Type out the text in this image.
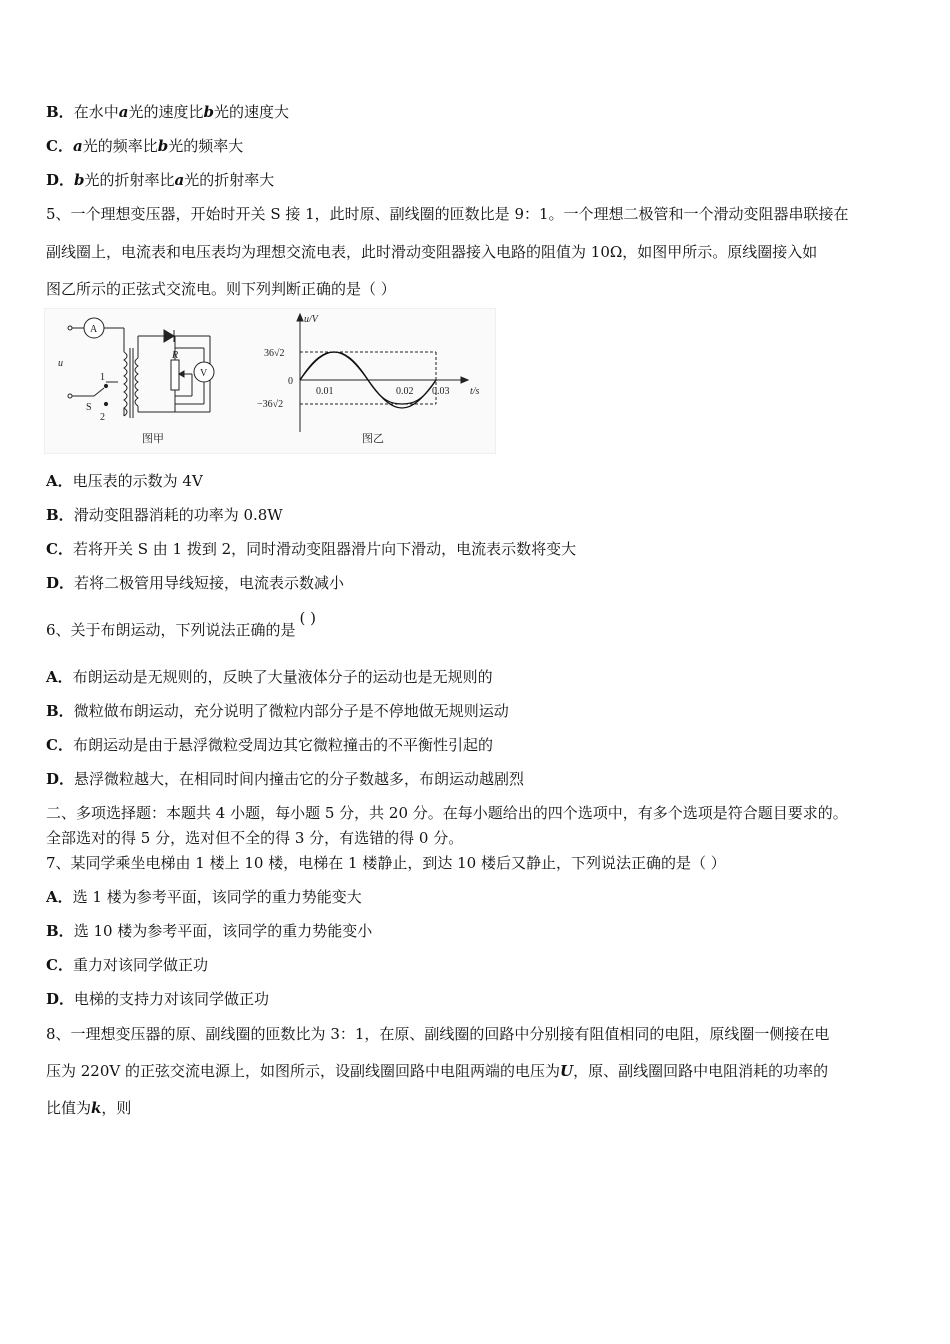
B．在水中a光的速度比b光的速度大
C．a光的频率比b光的频率大
D．b光的折射率比a光的折射率大
5、一个理想变压器，开始时开关 S 接 1，此时原、副线圈的匝数比是 9：1。一个理想二极管和一个滑动变阻器串联接在
副线圈上，电流表和电压表均为理想交流电表，此时滑动变阻器接入电路的阻值为 10Ω，如图甲所示。原线圈接入如
图乙所示的正弦式交流电。则下列判断正确的是（ ）
A
1
S
2
u
R
V
图甲
u/V
t/s
0
36√2
−36√2
0.01	0.02 0.03
图乙
A．电压表的示数为 4V
B．滑动变阻器消耗的功率为 0.8W
C．若将开关 S 由 1 拨到 2，同时滑动变阻器滑片向下滑动，电流表示数将变大
D．若将二极管用导线短接，电流表示数减小
6、关于布朗运动，下列说法正确的是( )
A．布朗运动是无规则的，反映了大量液体分子的运动也是无规则的
B．微粒做布朗运动，充分说明了微粒内部分子是不停地做无规则运动
C．布朗运动是由于悬浮微粒受周边其它微粒撞击的不平衡性引起的
D．悬浮微粒越大，在相同时间内撞击它的分子数越多，布朗运动越剧烈
二、多项选择题：本题共 4 小题，每小题 5 分，共 20 分。在每小题给出的四个选项中，有多个选项是符合题目要求的。
全部选对的得 5 分，选对但不全的得 3 分，有选错的得 0 分。
7、某同学乘坐电梯由 1 楼上 10 楼，电梯在 1 楼静止，到达 10 楼后又静止，下列说法正确的是（ ）
A．选 1 楼为参考平面，该同学的重力势能变大
B．选 10 楼为参考平面，该同学的重力势能变小
C．重力对该同学做正功
D．电梯的支持力对该同学做正功
8、一理想变压器的原、副线圈的匝数比为 3：1，在原、副线圈的回路中分别接有阻值相同的电阻，原线圈一侧接在电
压为 220V 的正弦交流电源上，如图所示，设副线圈回路中电阻两端的电压为U，原、副线圈回路中电阻消耗的功率的
比值为k，则
